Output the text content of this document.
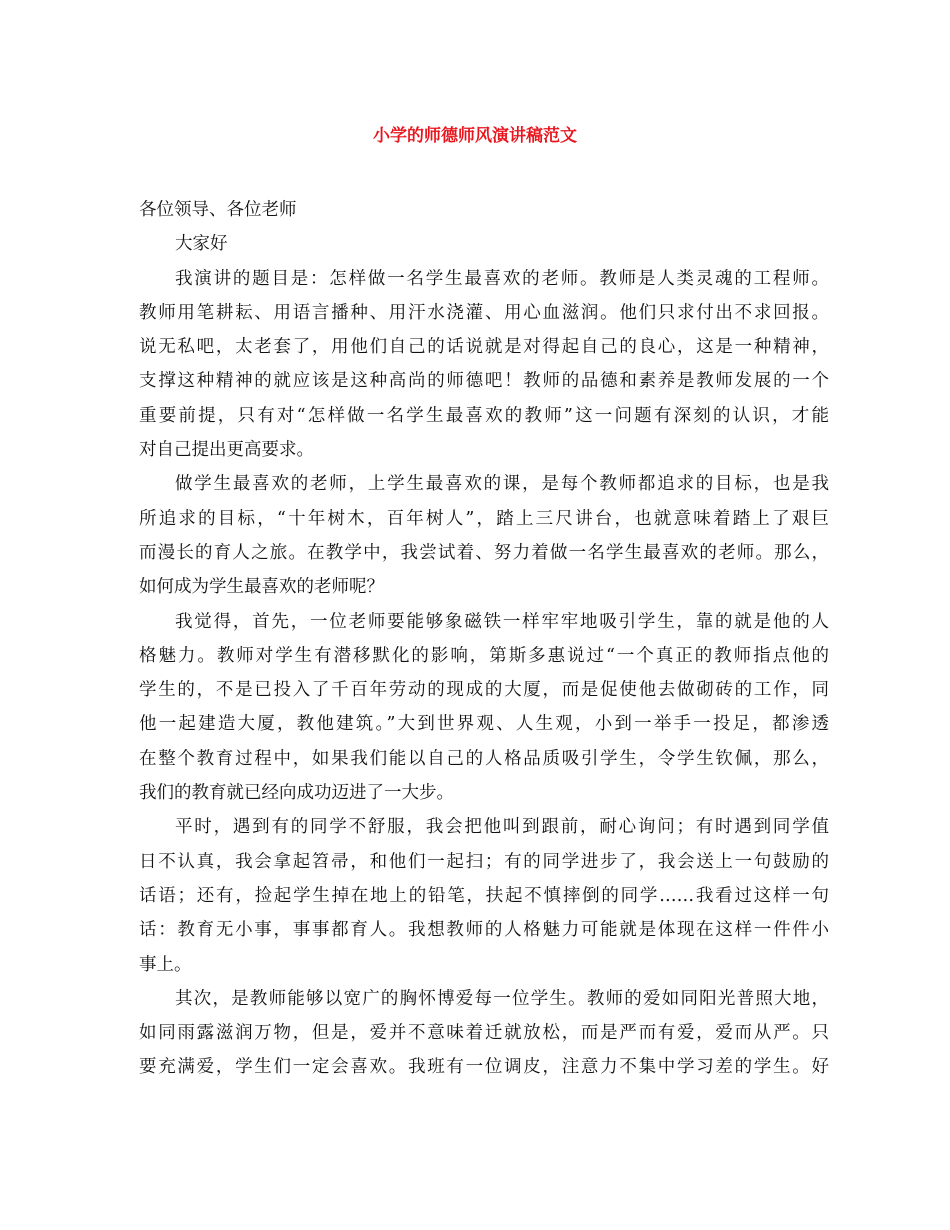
小学的师德师风演讲稿范文
各位领导、各位老师
大家好
我演讲的题目是：怎样做一名学生最喜欢的老师。教师是人类灵魂的工程师。
教师用笔耕耘、用语言播种、用汗水浇灌、用心血滋润。他们只求付出不求回报。
说无私吧，太老套了，用他们自己的话说就是对得起自己的良心，这是一种精神，
支撑这种精神的就应该是这种高尚的师德吧！教师的品德和素养是教师发展的一个
重要前提，只有对“怎样做一名学生最喜欢的教师”这一问题有深刻的认识，才能
对自己提出更高要求。
做学生最喜欢的老师，上学生最喜欢的课，是每个教师都追求的目标，也是我
所追求的目标，“十年树木，百年树人”，踏上三尺讲台，也就意味着踏上了艰巨
而漫长的育人之旅。在教学中，我尝试着、努力着做一名学生最喜欢的老师。那么，
如何成为学生最喜欢的老师呢？
我觉得，首先，一位老师要能够象磁铁一样牢牢地吸引学生，靠的就是他的人
格魅力。教师对学生有潜移默化的影响，第斯多惠说过“一个真正的教师指点他的
学生的，不是已投入了千百年劳动的现成的大厦，而是促使他去做砌砖的工作，同
他一起建造大厦，教他建筑。”大到世界观、人生观，小到一举手一投足，都渗透
在整个教育过程中，如果我们能以自己的人格品质吸引学生，令学生钦佩，那么，
我们的教育就已经向成功迈进了一大步。
平时，遇到有的同学不舒服，我会把他叫到跟前，耐心询问；有时遇到同学值
日不认真，我会拿起笤帚，和他们一起扫；有的同学进步了，我会送上一句鼓励的
话语；还有，捡起学生掉在地上的铅笔，扶起不慎摔倒的同学……我看过这样一句
话：教育无小事，事事都育人。我想教师的人格魅力可能就是体现在这样一件件小
事上。
其次，是教师能够以宽广的胸怀博爱每一位学生。教师的爱如同阳光普照大地，
如同雨露滋润万物，但是，爱并不意味着迁就放松，而是严而有爱，爱而从严。只
要充满爱，学生们一定会喜欢。我班有一位调皮，注意力不集中学习差的学生。好
